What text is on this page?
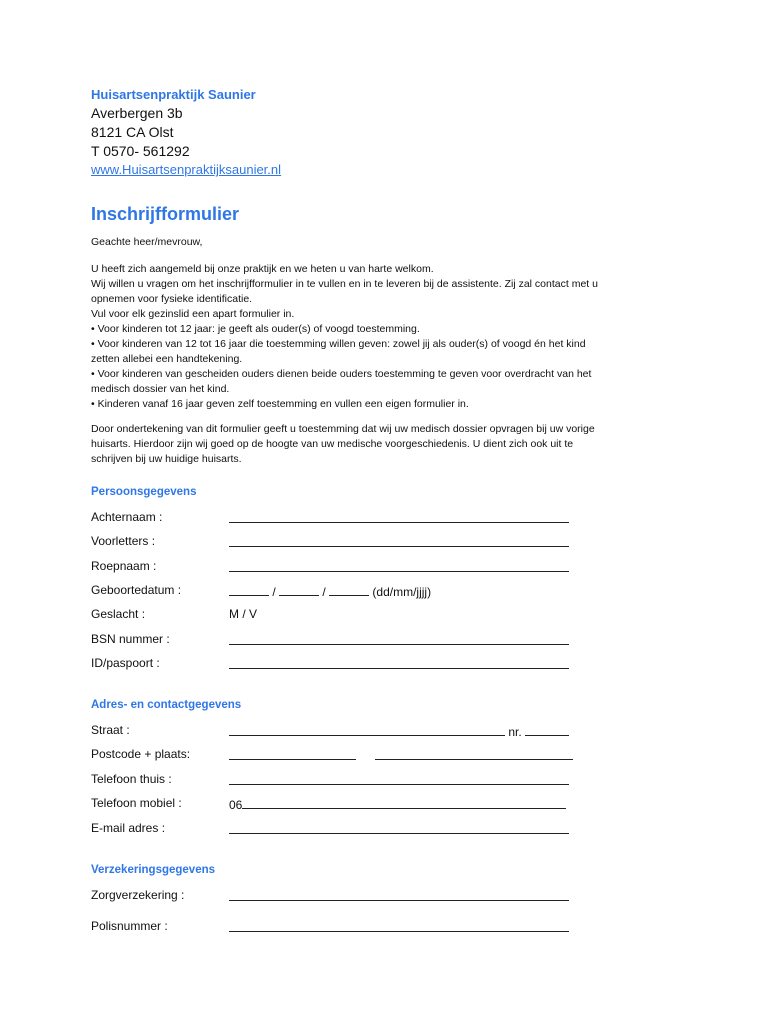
Huisartsenpraktijk Saunier
Averbergen 3b
8121 CA Olst
T 0570- 561292
www.Huisartsenpraktijksaunier.nl
Inschrijfformulier
Geachte heer/mevrouw,
U heeft zich aangemeld bij onze praktijk en we heten u van harte welkom.
Wij willen u vragen om het inschrijfformulier in te vullen en in te leveren bij de assistente. Zij zal contact met u
opnemen voor fysieke identificatie.
Vul voor elk gezinslid een apart formulier in.
• Voor kinderen tot 12 jaar: je geeft als ouder(s) of voogd toestemming.
• Voor kinderen van 12 tot 16 jaar die toestemming willen geven: zowel jij als ouder(s) of voogd én het kind
zetten allebei een handtekening.
• Voor kinderen van gescheiden ouders dienen beide ouders toestemming te geven voor overdracht van het
medisch dossier van het kind.
• Kinderen vanaf 16 jaar geven zelf toestemming en vullen een eigen formulier in.
Door ondertekening van dit formulier geeft u toestemming dat wij uw medisch dossier opvragen bij uw vorige
huisarts. Hierdoor zijn wij goed op de hoogte van uw medische voorgeschiedenis. U dient zich ook uit te
schrijven bij uw huidige huisarts.
Persoonsgegevens
Achternaam :
Voorletters :
Roepnaam :
Geboortedatum :	/	/	(dd/mm/jjjj)
Geslacht :	M / V
BSN nummer :
ID/paspoort :
Adres- en contactgegevens
Straat :	nr.
Postcode + plaats:

Telefoon thuis :
Telefoon mobiel :	06
E-mail adres :
Verzekeringsgegevens
Zorgverzekering :
Polisnummer :
